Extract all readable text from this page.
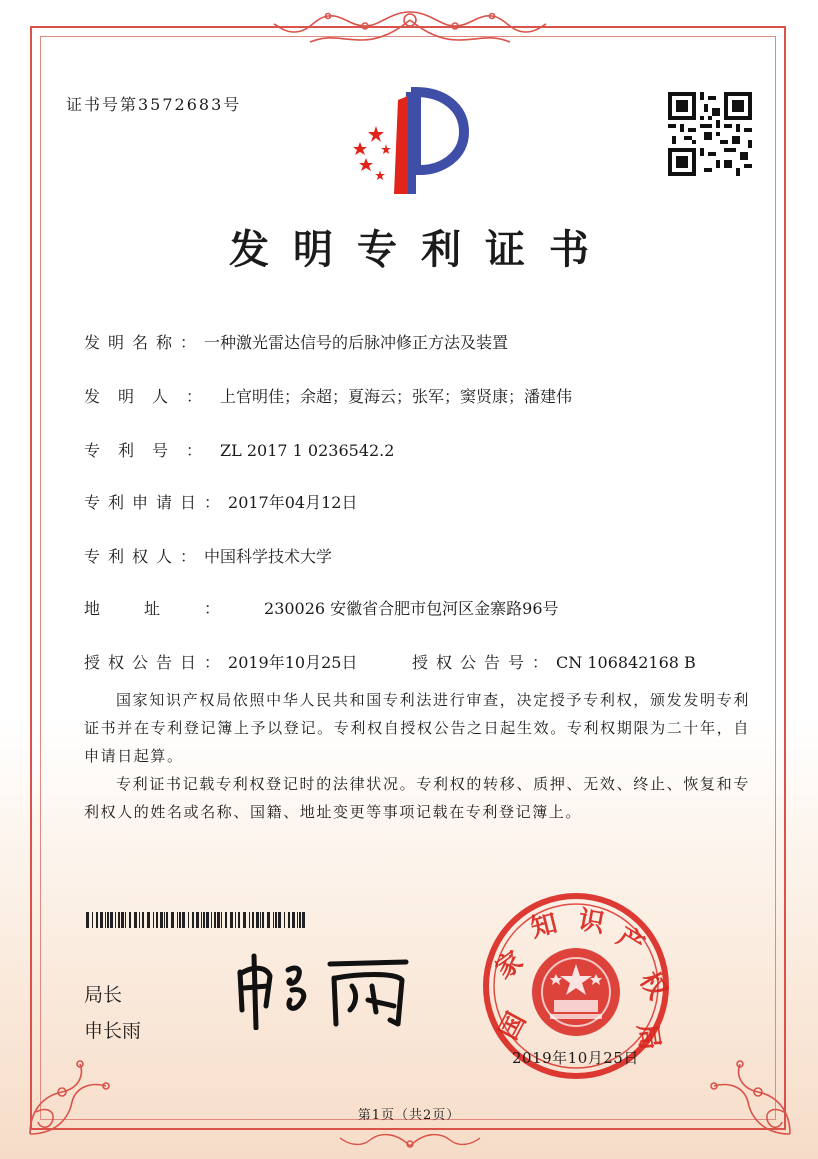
证书号第3572683号
发明专利证书
发明名称：一种激光雷达信号的后脉冲修正方法及装置
发明人：上官明佳；余超；夏海云；张军；窦贤康；潘建伟
专利号：ZL 2017 1 0236542.2
专利申请日：2017年04月12日
专利权人：中国科学技术大学
地址：230026 安徽省合肥市包河区金寨路96号
授权公告日：2019年10月25日	授权公告号：CN 106842168 B
国家知识产权局依照中华人民共和国专利法进行审查，决定授予专利权，颁发发明专利证书并在专利登记簿上予以登记。专利权自授权公告之日起生效。专利权期限为二十年，自申请日起算。
专利证书记载专利权登记时的法律状况。专利权的转移、质押、无效、终止、恢复和专利权人的姓名或名称、国籍、地址变更等事项记载在专利登记簿上。
局长
申长雨	国
家
知 识 产
权
局
2019年10月25日
第1页（共2页）
